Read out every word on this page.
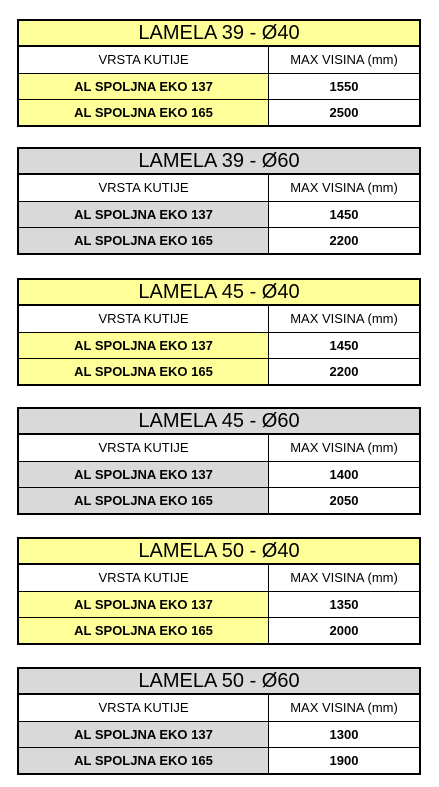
LAMELA 39 - Ø40
VRSTA KUTIJE	MAX VISINA (mm)
AL SPOLJNA EKO 137	1550
AL SPOLJNA EKO 165	2500
LAMELA 39 - Ø60
VRSTA KUTIJE	MAX VISINA (mm)
AL SPOLJNA EKO 137	1450
AL SPOLJNA EKO 165	2200
LAMELA 45 - Ø40
VRSTA KUTIJE	MAX VISINA (mm)
AL SPOLJNA EKO 137	1450
AL SPOLJNA EKO 165	2200
LAMELA 45 - Ø60
VRSTA KUTIJE	MAX VISINA (mm)
AL SPOLJNA EKO 137	1400
AL SPOLJNA EKO 165	2050
LAMELA 50 - Ø40
VRSTA KUTIJE	MAX VISINA (mm)
AL SPOLJNA EKO 137	1350
AL SPOLJNA EKO 165	2000
LAMELA 50 - Ø60
VRSTA KUTIJE	MAX VISINA (mm)
AL SPOLJNA EKO 137	1300
AL SPOLJNA EKO 165	1900
